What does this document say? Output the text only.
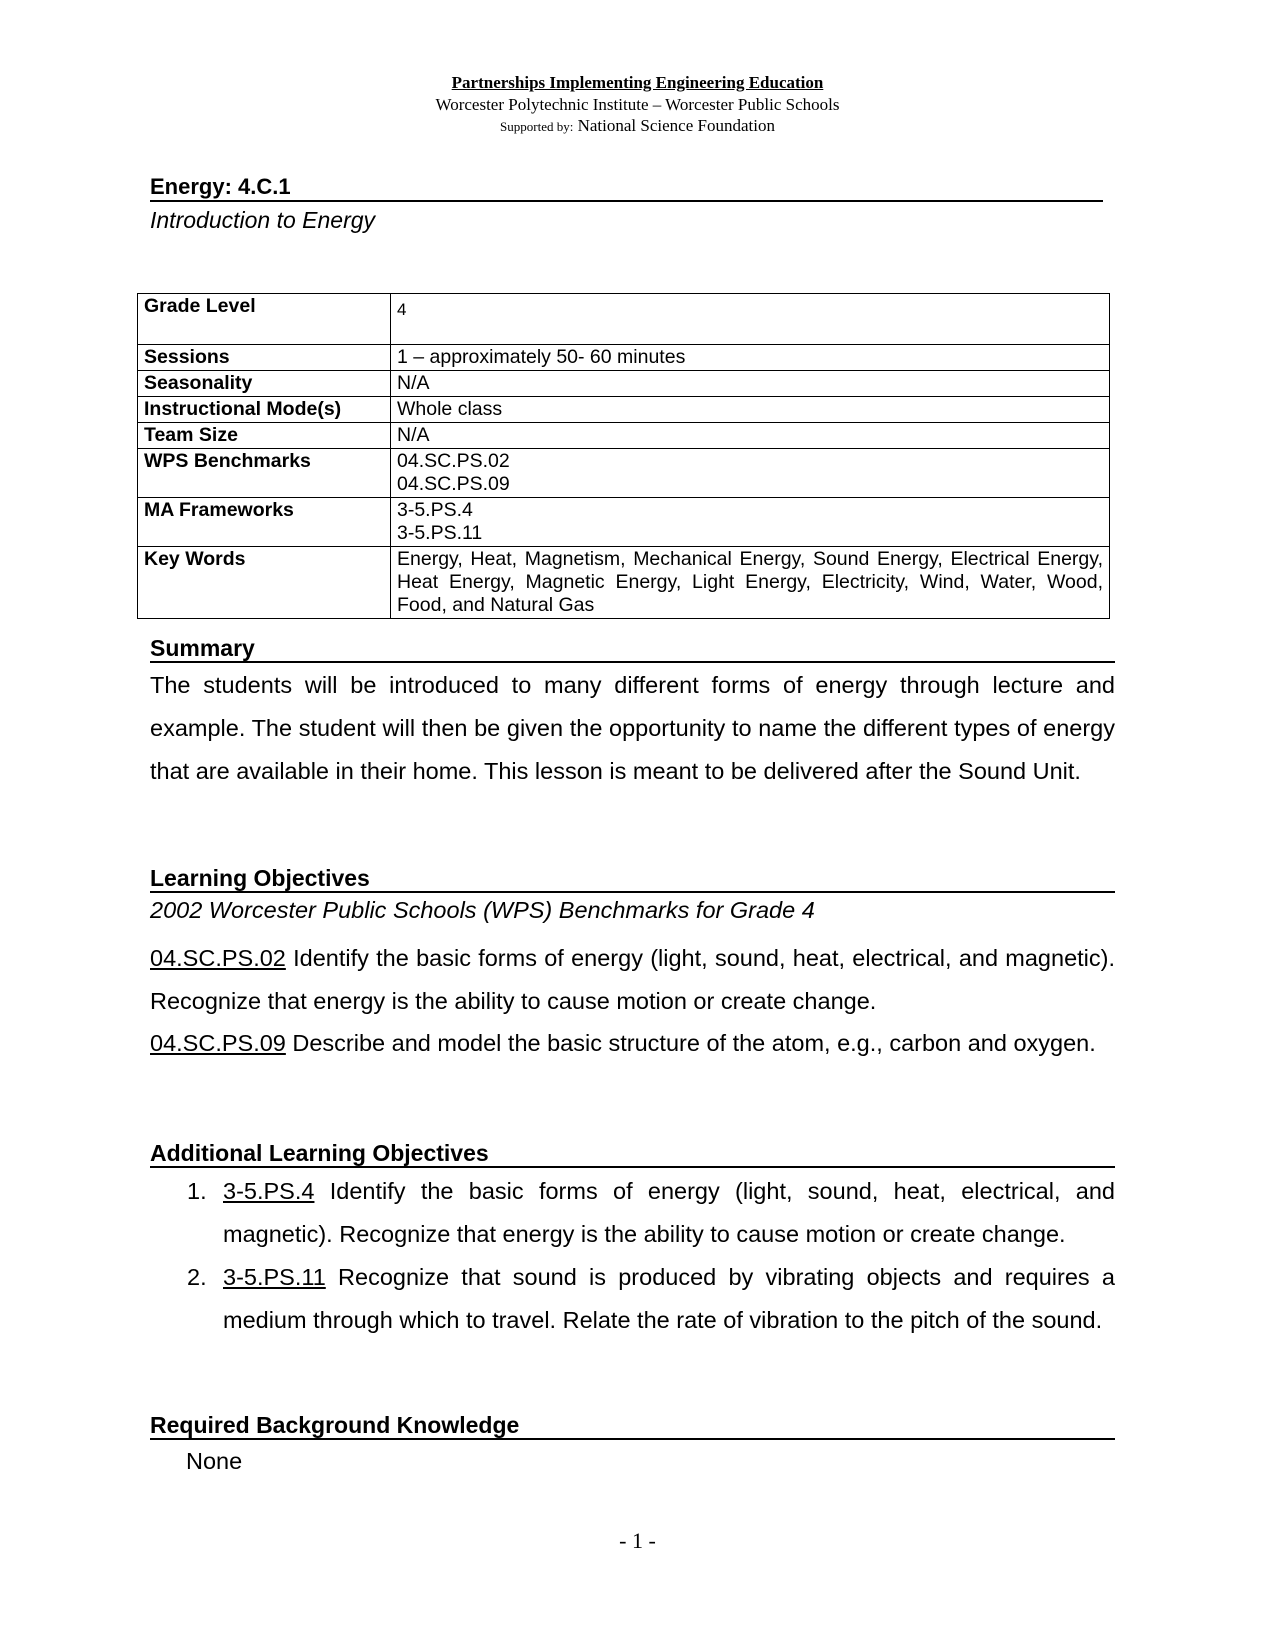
Partnerships Implementing Engineering Education
Worcester Polytechnic Institute – Worcester Public Schools
Supported by: National Science Foundation
Energy: 4.C.1
Introduction to Energy
Grade Level	4
Sessions	1 – approximately 50- 60 minutes
Seasonality	N/A
Instructional Mode(s)	Whole class
Team Size	N/A
WPS Benchmarks	04.SC.PS.02
04.SC.PS.09

MA Frameworks	3-5.PS.4
3-5.PS.11

Key Words	Energy, Heat, Magnetism, Mechanical Energy, Sound Energy, Electrical Energy, Heat Energy, Magnetic Energy, Light Energy, Electricity, Wind, Water, Wood, Food, and Natural Gas
Summary
The students will be introduced to many different forms of energy through lecture and example. The student will then be given the opportunity to name the different types of energy that are available in their home. This lesson is meant to be delivered after the Sound Unit.
Learning Objectives
2002 Worcester Public Schools (WPS) Benchmarks for Grade 4
04.SC.PS.02 Identify the basic forms of energy (light, sound, heat, electrical, and magnetic). Recognize that energy is the ability to cause motion or create change.
04.SC.PS.09 Describe and model the basic structure of the atom, e.g., carbon and oxygen.
Additional Learning Objectives
1. 3-5.PS.4 Identify the basic forms of energy (light, sound, heat, electrical, and magnetic). Recognize that energy is the ability to cause motion or create change.
2. 3-5.PS.11 Recognize that sound is produced by vibrating objects and requires a medium through which to travel. Relate the rate of vibration to the pitch of the sound.
Required Background Knowledge
None
- 1 -
